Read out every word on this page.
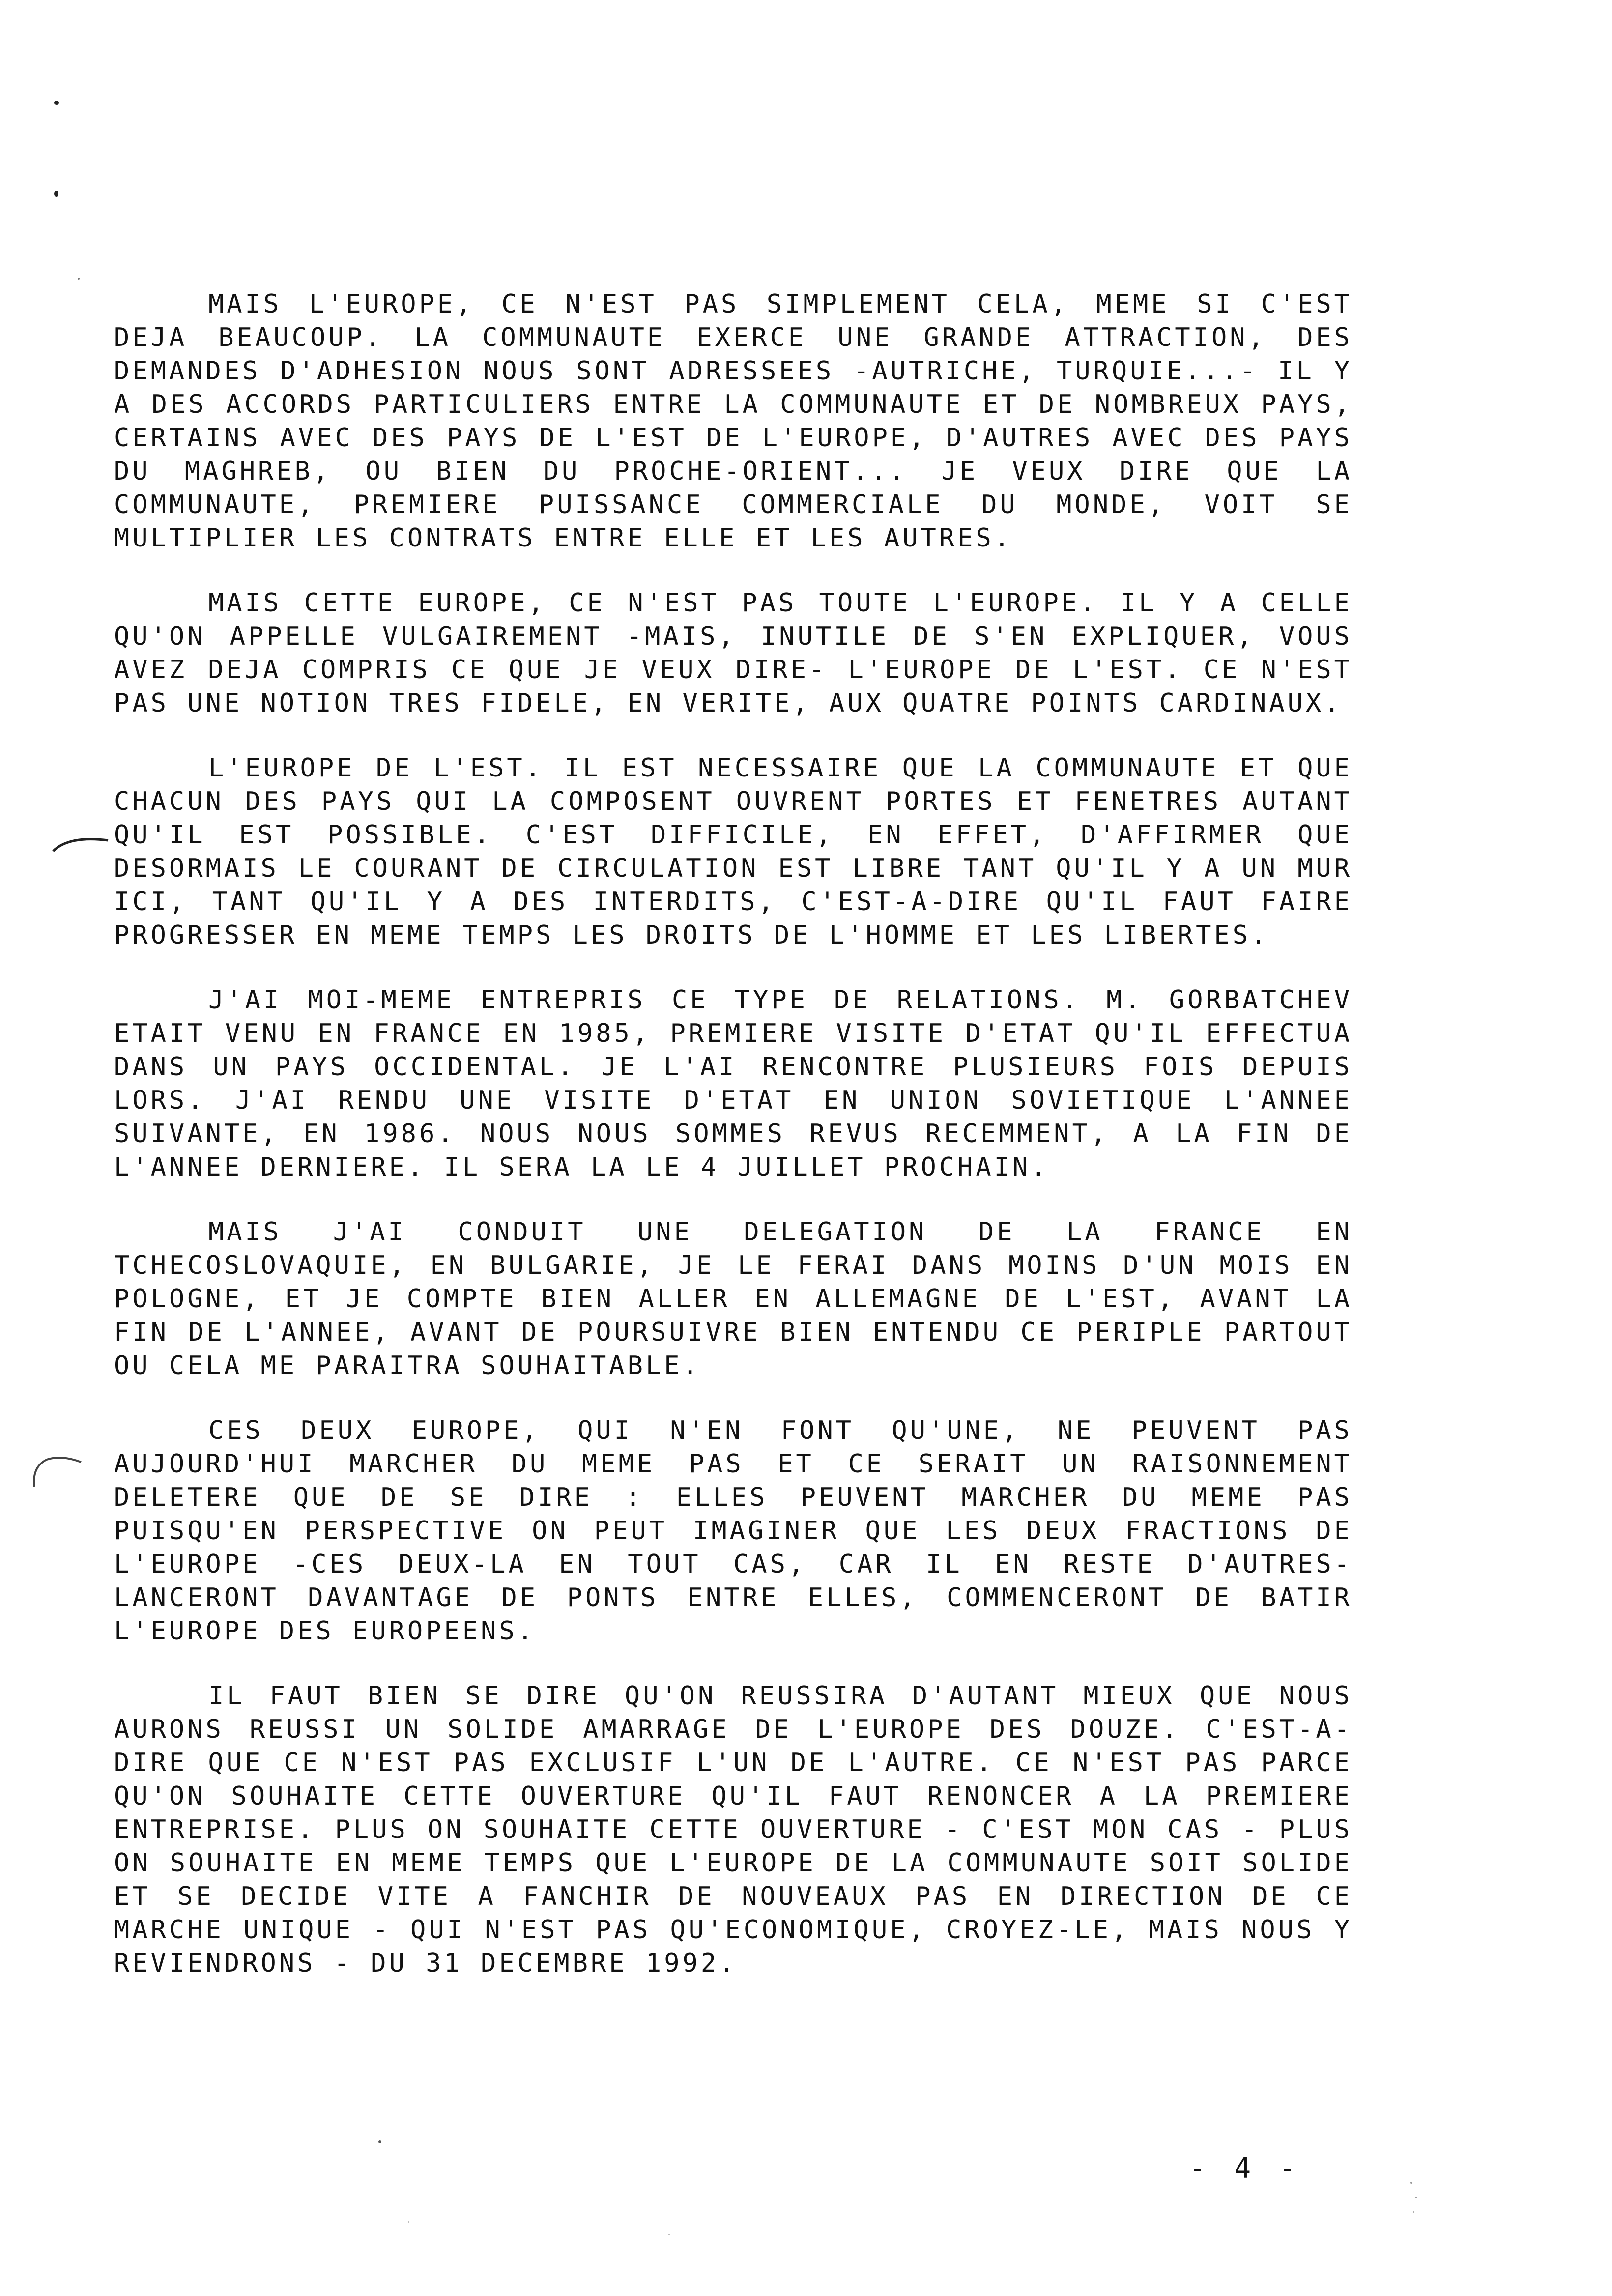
MAIS L'EUROPE, CE N'EST PAS SIMPLEMENT CELA, MEME SI C'EST DEJA BEAUCOUP. LA COMMUNAUTE EXERCE UNE GRANDE ATTRACTION, DES DEMANDES D'ADHESION NOUS SONT ADRESSEES -AUTRICHE, TURQUIE...- IL Y A DES ACCORDS PARTICULIERS ENTRE LA COMMUNAUTE ET DE NOMBREUX PAYS, CERTAINS AVEC DES PAYS DE L'EST DE L'EUROPE, D'AUTRES AVEC DES PAYS DU MAGHREB, OU BIEN DU PROCHE-ORIENT... JE VEUX DIRE QUE LA COMMUNAUTE, PREMIERE PUISSANCE COMMERCIALE DU MONDE, VOIT SE MULTIPLIER LES CONTRATS ENTRE ELLE ET LES AUTRES.

MAIS CETTE EUROPE, CE N'EST PAS TOUTE L'EUROPE. IL Y A CELLE QU'ON APPELLE VULGAIREMENT -MAIS, INUTILE DE S'EN EXPLIQUER, VOUS AVEZ DEJA COMPRIS CE QUE JE VEUX DIRE- L'EUROPE DE L'EST. CE N'EST PAS UNE NOTION TRES FIDELE, EN VERITE, AUX QUATRE POINTS CARDINAUX.

L'EUROPE DE L'EST. IL EST NECESSAIRE QUE LA COMMUNAUTE ET QUE CHACUN DES PAYS QUI LA COMPOSENT OUVRENT PORTES ET FENETRES AUTANT QU'IL EST POSSIBLE. C'EST DIFFICILE, EN EFFET, D'AFFIRMER QUE DESORMAIS LE COURANT DE CIRCULATION EST LIBRE TANT QU'IL Y A UN MUR ICI, TANT QU'IL Y A DES INTERDITS, C'EST-A-DIRE QU'IL FAUT FAIRE PROGRESSER EN MEME TEMPS LES DROITS DE L'HOMME ET LES LIBERTES.

J'AI MOI-MEME ENTREPRIS CE TYPE DE RELATIONS. M. GORBATCHEV ETAIT VENU EN FRANCE EN 1985, PREMIERE VISITE D'ETAT QU'IL EFFECTUA DANS UN PAYS OCCIDENTAL. JE L'AI RENCONTRE PLUSIEURS FOIS DEPUIS LORS. J'AI RENDU UNE VISITE D'ETAT EN UNION SOVIETIQUE L'ANNEE SUIVANTE, EN 1986. NOUS NOUS SOMMES REVUS RECEMMENT, A LA FIN DE L'ANNEE DERNIERE. IL SERA LA LE 4 JUILLET PROCHAIN.

MAIS J'AI CONDUIT UNE DELEGATION DE LA FRANCE EN TCHECOSLOVAQUIE, EN BULGARIE, JE LE FERAI DANS MOINS D'UN MOIS EN POLOGNE, ET JE COMPTE BIEN ALLER EN ALLEMAGNE DE L'EST, AVANT LA FIN DE L'ANNEE, AVANT DE POURSUIVRE BIEN ENTENDU CE PERIPLE PARTOUT OU CELA ME PARAITRA SOUHAITABLE.

CES DEUX EUROPE, QUI N'EN FONT QU'UNE, NE PEUVENT PAS AUJOURD'HUI MARCHER DU MEME PAS ET CE SERAIT UN RAISONNEMENT DELETERE QUE DE SE DIRE : ELLES PEUVENT MARCHER DU MEME PAS PUISQU'EN PERSPECTIVE ON PEUT IMAGINER QUE LES DEUX FRACTIONS DE L'EUROPE -CES DEUX-LA EN TOUT CAS, CAR IL EN RESTE D'AUTRES- LANCERONT DAVANTAGE DE PONTS ENTRE ELLES, COMMENCERONT DE BATIR L'EUROPE DES EUROPEENS.

IL FAUT BIEN SE DIRE QU'ON REUSSIRA D'AUTANT MIEUX QUE NOUS AURONS REUSSI UN SOLIDE AMARRAGE DE L'EUROPE DES DOUZE. C'EST-A-DIRE QUE CE N'EST PAS EXCLUSIF L'UN DE L'AUTRE. CE N'EST PAS PARCE QU'ON SOUHAITE CETTE OUVERTURE QU'IL FAUT RENONCER A LA PREMIERE ENTREPRISE. PLUS ON SOUHAITE CETTE OUVERTURE - C'EST MON CAS - PLUS ON SOUHAITE EN MEME TEMPS QUE L'EUROPE DE LA COMMUNAUTE SOIT SOLIDE ET SE DECIDE VITE A FANCHIR DE NOUVEAUX PAS EN DIRECTION DE CE MARCHE UNIQUE - QUI N'EST PAS QU'ECONOMIQUE, CROYEZ-LE, MAIS NOUS Y REVIENDRONS - DU 31 DECEMBRE 1992.

- 4 -
